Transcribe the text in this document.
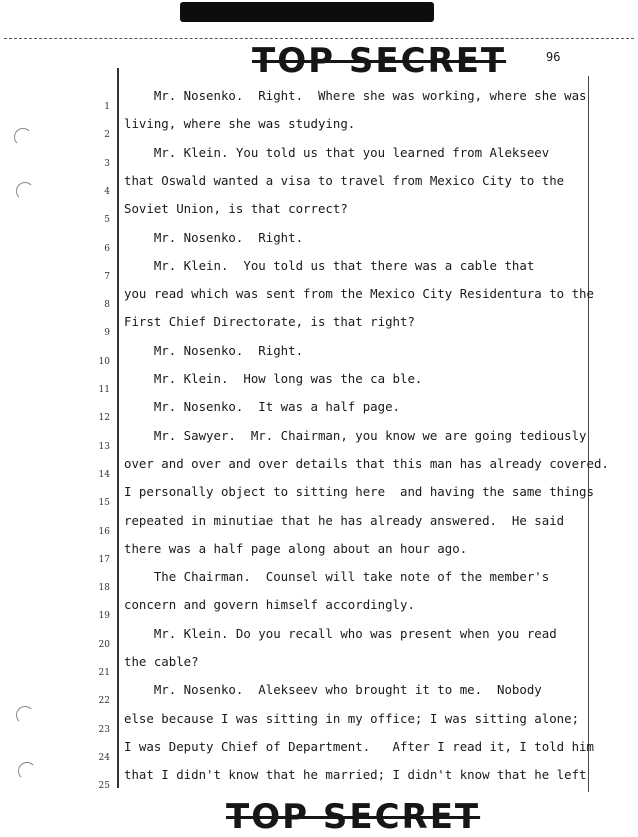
TOP SECRET	96
1
Mr. Nosenko.  Right.  Where she was working, where she was
2
living, where she was studying.
3
Mr. Klein. You told us that you learned from Alekseev
4
that Oswald wanted a visa to travel from Mexico City to the
5
Soviet Union, is that correct?
6
Mr. Nosenko.  Right.
7
Mr. Klein.  You told us that there was a cable that
8
you read which was sent from the Mexico City Residentura to the
9
First Chief Directorate, is that right?
10
Mr. Nosenko.  Right.
11
Mr. Klein.  How long was the ca ble.
12
Mr. Nosenko.  It was a half page.
13
Mr. Sawyer.  Mr. Chairman, you know we are going tediously
14
over and over and over details that this man has already covered.
15
I personally object to sitting here  and having the same things
16
repeated in minutiae that he has already answered.  He said
17
there was a half page along about an hour ago.
18
The Chairman.  Counsel will take note of the member's
19
concern and govern himself accordingly.
20
Mr. Klein. Do you recall who was present when you read
21
the cable?
22
Mr. Nosenko.  Alekseev who brought it to me.  Nobody
23
else because I was sitting in my office; I was sitting alone;
24
I was Deputy Chief of Department.   After I read it, I told him
25
that I didn't know that he married; I didn't know that he left
TOP SECRET
